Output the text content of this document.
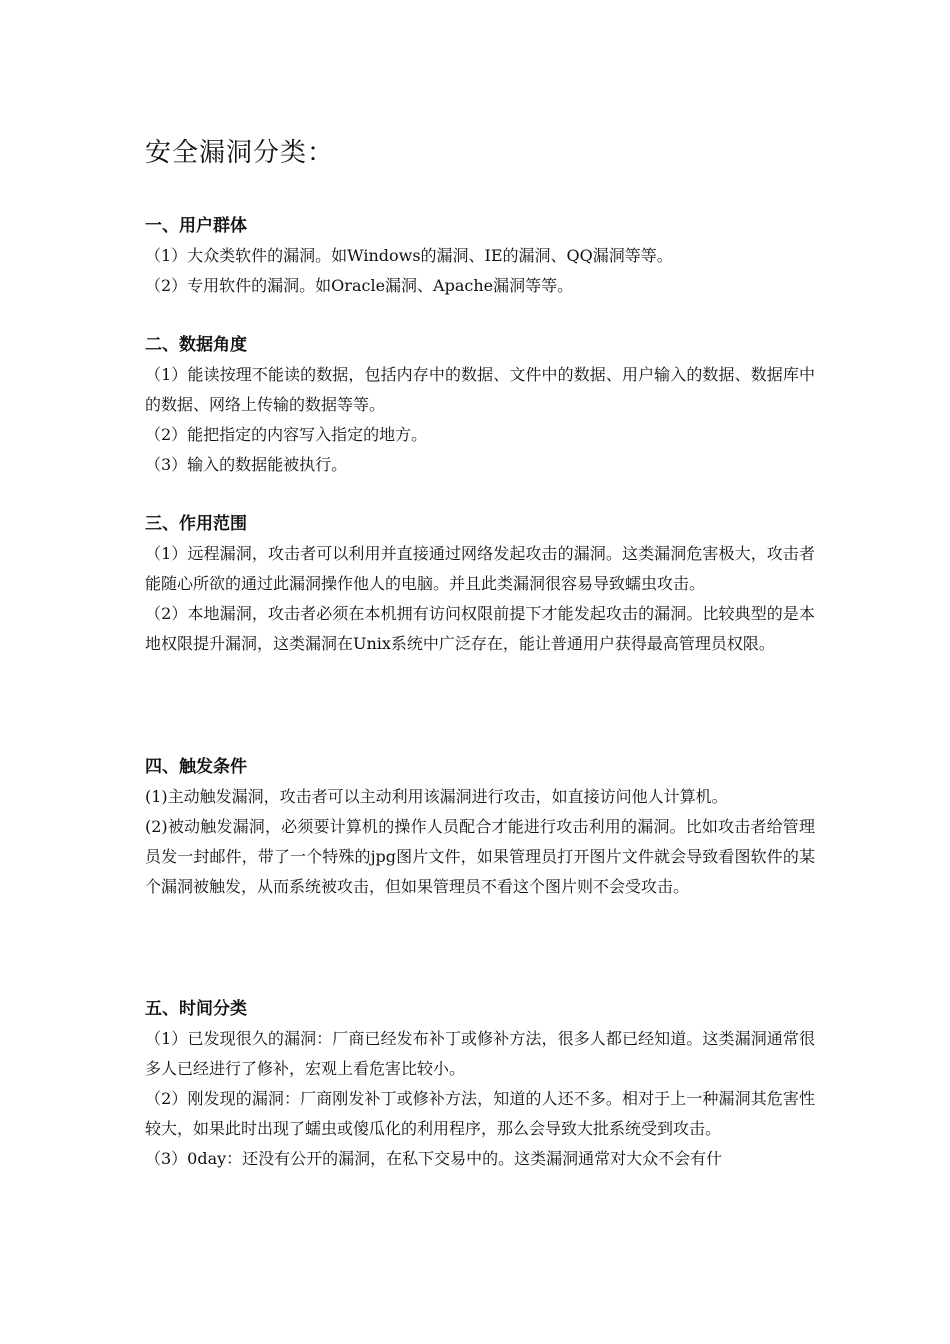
安全漏洞分类：
一、用户群体

（1）大众类软件的漏洞。如Windows的漏洞、IE的漏洞、QQ漏洞等等。

（2）专用软件的漏洞。如Oracle漏洞、Apache漏洞等等。

二、数据角度

（1）能读按理不能读的数据，包括内存中的数据、文件中的数据、用户输入的数据、数据库中的数据、网络上传输的数据等等。

（2）能把指定的内容写入指定的地方。

（3）输入的数据能被执行。

三、作用范围

（1）远程漏洞，攻击者可以利用并直接通过网络发起攻击的漏洞。这类漏洞危害极大，攻击者能随心所欲的通过此漏洞操作他人的电脑。并且此类漏洞很容易导致蠕虫攻击。

（2）本地漏洞，攻击者必须在本机拥有访问权限前提下才能发起攻击的漏洞。比较典型的是本地权限提升漏洞，这类漏洞在Unix系统中广泛存在，能让普通用户获得最高管理员权限。

四、触发条件

(1)主动触发漏洞，攻击者可以主动利用该漏洞进行攻击，如直接访问他人计算机。

(2)被动触发漏洞，必须要计算机的操作人员配合才能进行攻击利用的漏洞。比如攻击者给管理员发一封邮件，带了一个特殊的jpg图片文件，如果管理员打开图片文件就会导致看图软件的某个漏洞被触发，从而系统被攻击，但如果管理员不看这个图片则不会受攻击。

五、时间分类

（1）已发现很久的漏洞：厂商已经发布补丁或修补方法，很多人都已经知道。这类漏洞通常很多人已经进行了修补，宏观上看危害比较小。

（2）刚发现的漏洞：厂商刚发补丁或修补方法，知道的人还不多。相对于上一种漏洞其危害性较大，如果此时出现了蠕虫或傻瓜化的利用程序，那么会导致大批系统受到攻击。

（3）0day：还没有公开的漏洞，在私下交易中的。这类漏洞通常对大众不会有什
